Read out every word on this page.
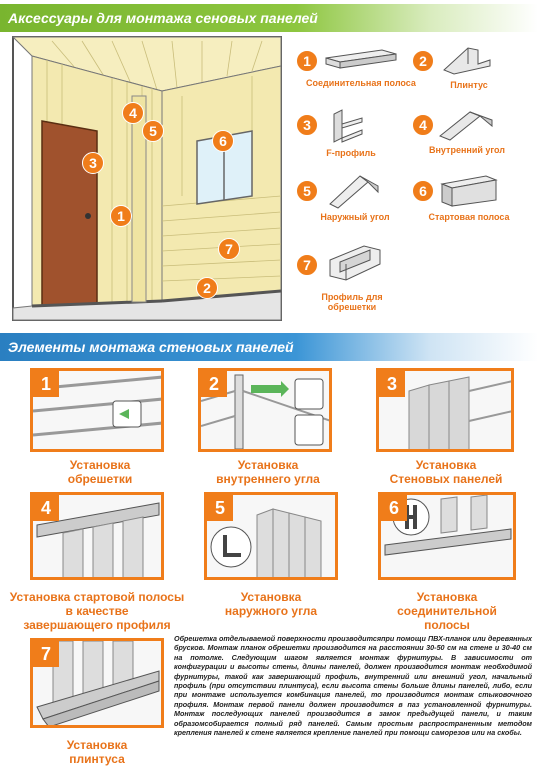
Аксессуары для монтажа сеновых панелей
1
2
3
4
5
6
7
1
Соединительная полоса
2
Плинтус
3
F-профиль
4
Внутренний угол
5
Наружный угол
6
Стартовая полоса
7
Профиль для обрешетки
Элементы монтажа стеновых панелей
1
Установка
обрешетки
2
Установка
внутреннего угла
3
Установка
Стеновых панелей
4
Установка стартовой полосы
в качестве
завершающего профиля
5
Установка
наружного угла
6
Установка
соединительной
полосы
7
Установка
плинтуса
Обрешетка отделываемой поверхности производитсяпри помощи ПВХ-планок или деревянных брусков. Монтаж планок обрешетки производится на расстоянии 30-50 см на стене и 30-40 см на потолке. Следующим шагом является монтаж фурнитуры. В зависимости от конфигурации и высоты стены, длины панелей, должен производится монтаж необходимой фурнитуры, такой как завершающий профиль, внутренний или внешний угол, начальный профиль (при отсутствии плинтуса), если высота стены больше длины панелей, либо, если при монтаже используется комбинация панелей, то производится монтаж стыковочного профиля. Монтаж первой панели должен производится в паз установленной фурнитуры. Монтаж последующих панелей производится в замок предыдущей панели, и таким образомсобирается полный ряд панелей. Самым простым распространенным методом крепления панелей к стене является крепление панелей при помощи саморезов или на скобы.
